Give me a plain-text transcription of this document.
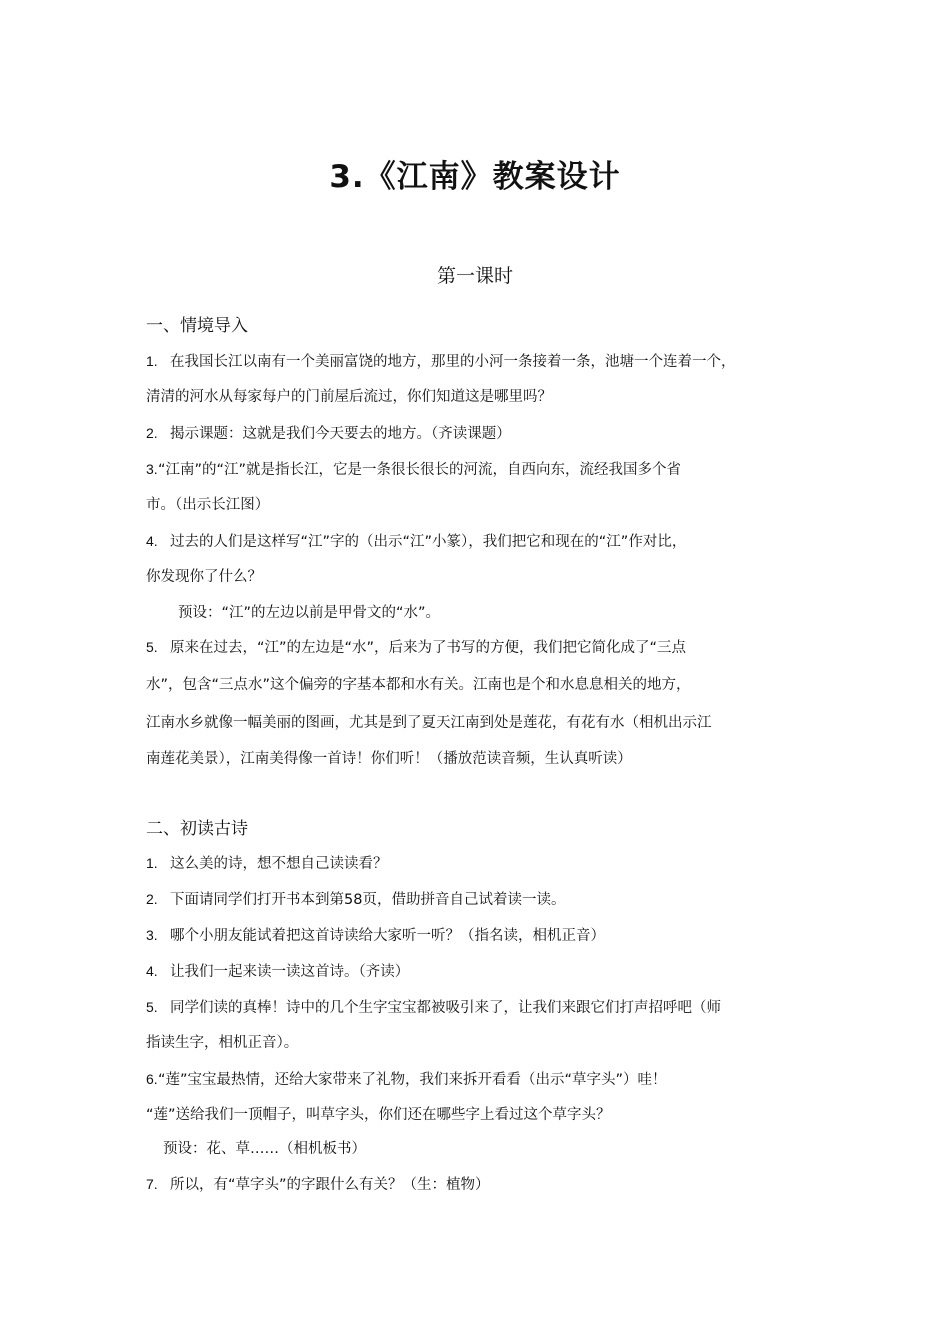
3.《江南》教案设计
第一课时
一、情境导入
1. 在我国长江以南有一个美丽富饶的地方，那里的小河一条接着一条，池塘一个连着一个，
清清的河水从每家每户的门前屋后流过，你们知道这是哪里吗？
2. 揭示课题：这就是我们今天要去的地方。（齐读课题）
3.“江南”的“江”就是指长江，它是一条很长很长的河流，自西向东，流经我国多个省
市。（出示长江图）
4. 过去的人们是这样写“江”字的（出示“江”小篆），我们把它和现在的“江”作对比，
你发现你了什么？
预设：“江”的左边以前是甲骨文的“水”。
5. 原来在过去，“江”的左边是“水”，后来为了书写的方便，我们把它简化成了“三点
水”，包含“三点水”这个偏旁的字基本都和水有关。江南也是个和水息息相关的地方，
江南水乡就像一幅美丽的图画，尤其是到了夏天江南到处是莲花，有花有水（相机出示江
南莲花美景），江南美得像一首诗！你们听！（播放范读音频，生认真听读）
二、初读古诗
1. 这么美的诗，想不想自己读读看？
2. 下面请同学们打开书本到第58页，借助拼音自己试着读一读。
3. 哪个小朋友能试着把这首诗读给大家听一听？（指名读，相机正音）
4. 让我们一起来读一读这首诗。（齐读）
5. 同学们读的真棒！诗中的几个生字宝宝都被吸引来了，让我们来跟它们打声招呼吧（师
指读生字，相机正音）。
6.“莲”宝宝最热情，还给大家带来了礼物，我们来拆开看看（出示“草字头”）哇！
“莲”送给我们一顶帽子，叫草字头，你们还在哪些字上看过这个草字头？
预设：花、草……（相机板书）
7. 所以，有“草字头”的字跟什么有关？（生：植物）
